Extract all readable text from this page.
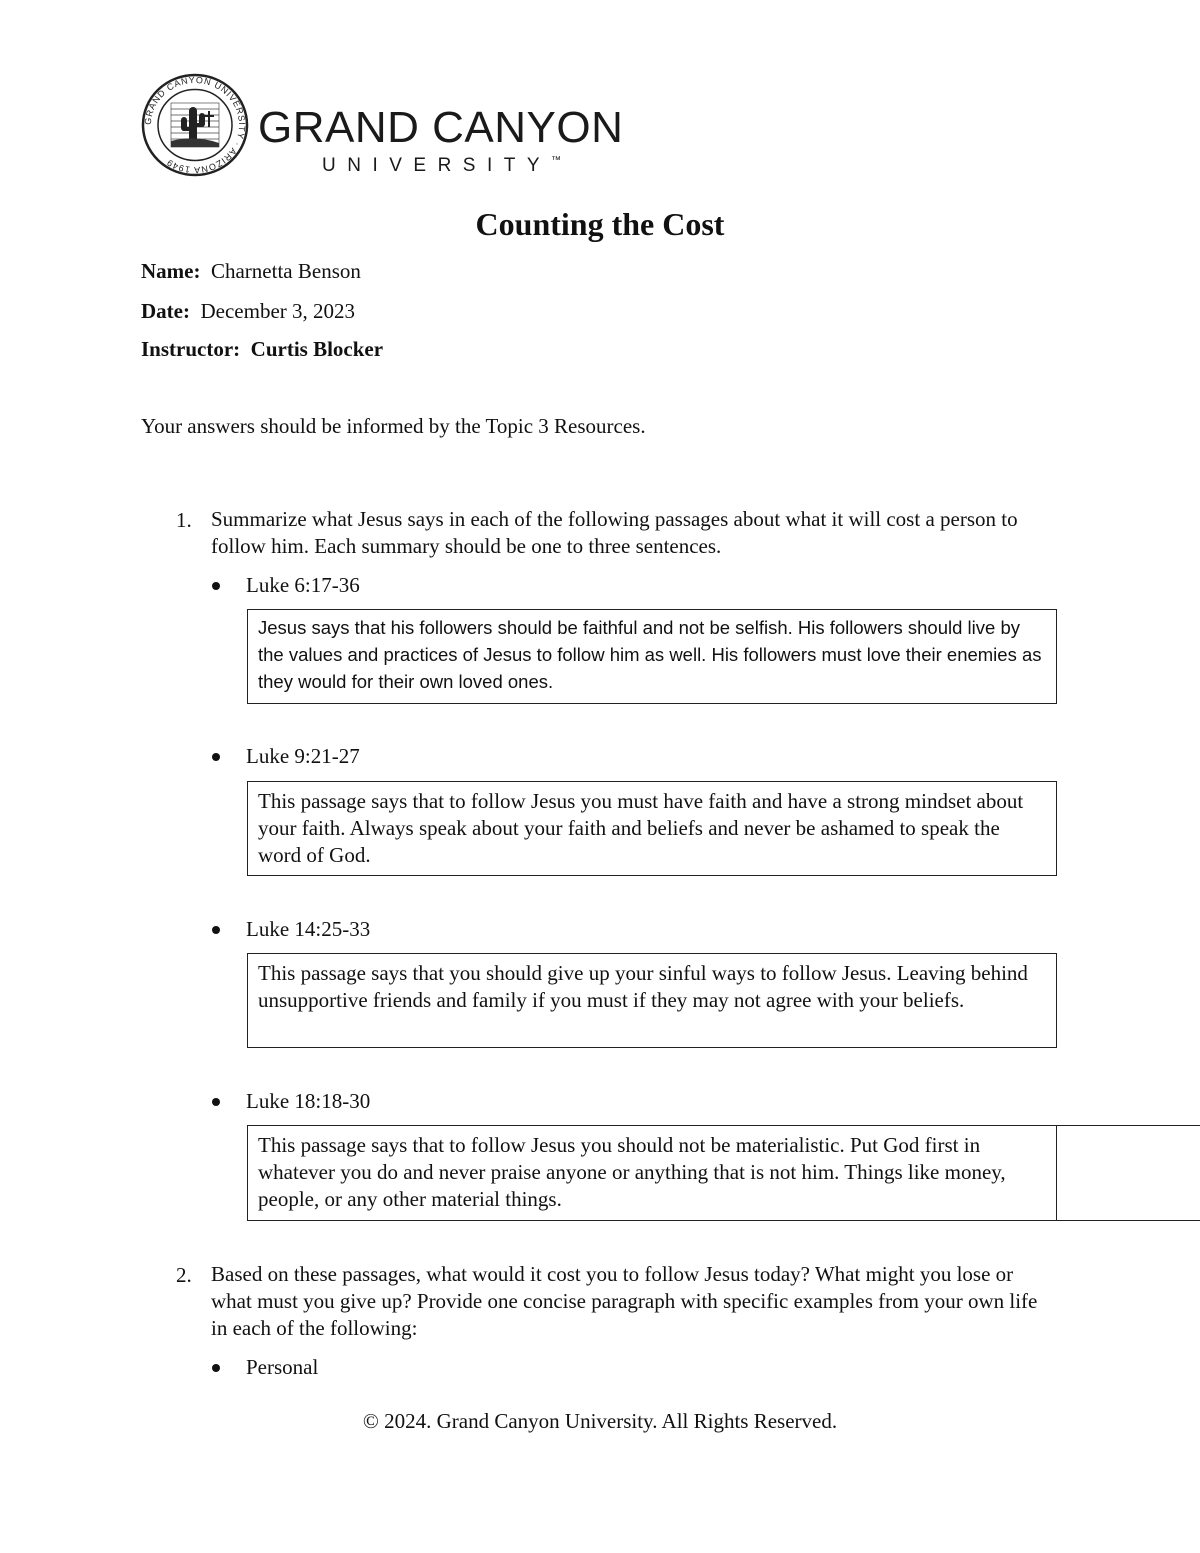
GRAND CANYON UNIVERSITY · ARIZONA 1949
GRAND CANYON
UNIVERSITY™
Counting the Cost
Name: Charnetta Benson
Date: December 3, 2023
Instructor: Curtis Blocker
Your answers should be informed by the Topic 3 Resources.
1. Summarize what Jesus says in each of the following passages about what it will cost a person to follow him. Each summary should be one to three sentences.
Luke 6:17-36
Jesus says that his followers should be faithful and not be selfish. His followers should live by the values and practices of Jesus to follow him as well. His followers must love their enemies as they would for their own loved ones.
Luke 9:21-27
This passage says that to follow Jesus you must have faith and have a strong mindset about your faith. Always speak about your faith and beliefs and never be ashamed to speak the word of God.
Luke 14:25-33
This passage says that you should give up your sinful ways to follow Jesus. Leaving behind unsupportive friends and family if you must if they may not agree with your beliefs.
Luke 18:18-30
This passage says that to follow Jesus you should not be materialistic. Put God first in whatever you do and never praise anyone or anything that is not him. Things like money, people, or any other material things.
2. Based on these passages, what would it cost you to follow Jesus today? What might you lose or what must you give up? Provide one concise paragraph with specific examples from your own life in each of the following:
Personal
© 2024. Grand Canyon University. All Rights Reserved.
